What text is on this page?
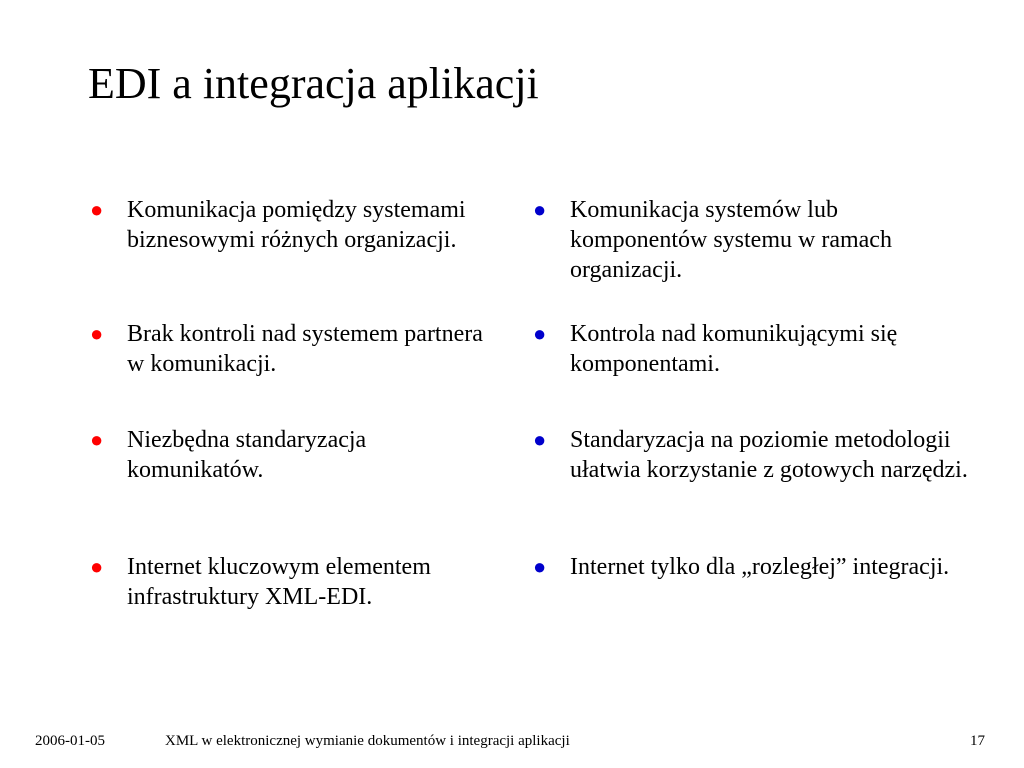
EDI a integracja aplikacji
● Komunikacja pomiędzy systemami biznesowymi różnych organizacji.
● Brak kontroli nad systemem partnera w komunikacji.
● Niezbędna standaryzacja komunikatów.
● Internet kluczowym elementem infrastruktury XML-EDI.
● Komunikacja systemów lub komponentów systemu w ramach organizacji.
● Kontrola nad komunikującymi się komponentami.
● Standaryzacja na poziomie metodologii ułatwia korzystanie z gotowych narzędzi.
● Internet tylko dla „rozległej” integracji.
2006-01-05	XML w elektronicznej wymianie dokumentów i integracji aplikacji	17
